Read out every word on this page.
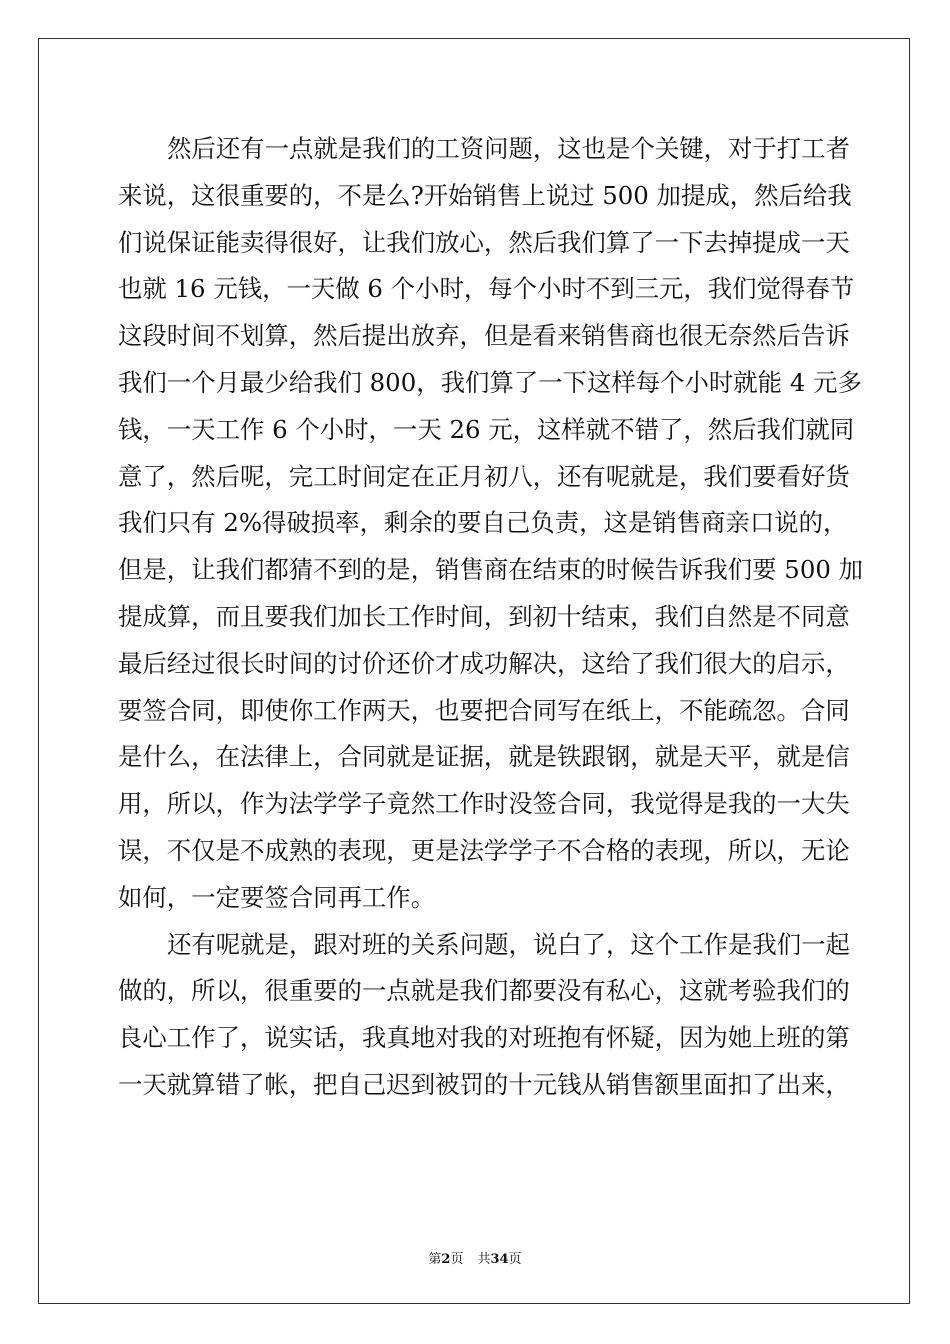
然后还有一点就是我们的工资问题，这也是个关键，对于打工者
来说，这很重要的，不是么?开始销售上说过 500 加提成，然后给我
们说保证能卖得很好，让我们放心，然后我们算了一下去掉提成一天
也就 16 元钱，一天做 6 个小时，每个小时不到三元，我们觉得春节
这段时间不划算，然后提出放弃，但是看来销售商也很无奈然后告诉
我们一个月最少给我们 800，我们算了一下这样每个小时就能 4 元多
钱，一天工作 6 个小时，一天 26 元，这样就不错了，然后我们就同
意了，然后呢，完工时间定在正月初八，还有呢就是，我们要看好货
我们只有 2%得破损率，剩余的要自己负责，这是销售商亲口说的，
但是，让我们都猜不到的是，销售商在结束的时候告诉我们要 500 加
提成算，而且要我们加长工作时间，到初十结束，我们自然是不同意
最后经过很长时间的讨价还价才成功解决，这给了我们很大的启示，
要签合同，即使你工作两天，也要把合同写在纸上，不能疏忽。合同
是什么，在法律上，合同就是证据，就是铁跟钢，就是天平，就是信
用，所以，作为法学学子竟然工作时没签合同，我觉得是我的一大失
误，不仅是不成熟的表现，更是法学学子不合格的表现，所以，无论
如何，一定要签合同再工作。
还有呢就是，跟对班的关系问题，说白了，这个工作是我们一起
做的，所以，很重要的一点就是我们都要没有私心，这就考验我们的
良心工作了，说实话，我真地对我的对班抱有怀疑，因为她上班的第
一天就算错了帐，把自己迟到被罚的十元钱从销售额里面扣了出来，
第2页 共34页
